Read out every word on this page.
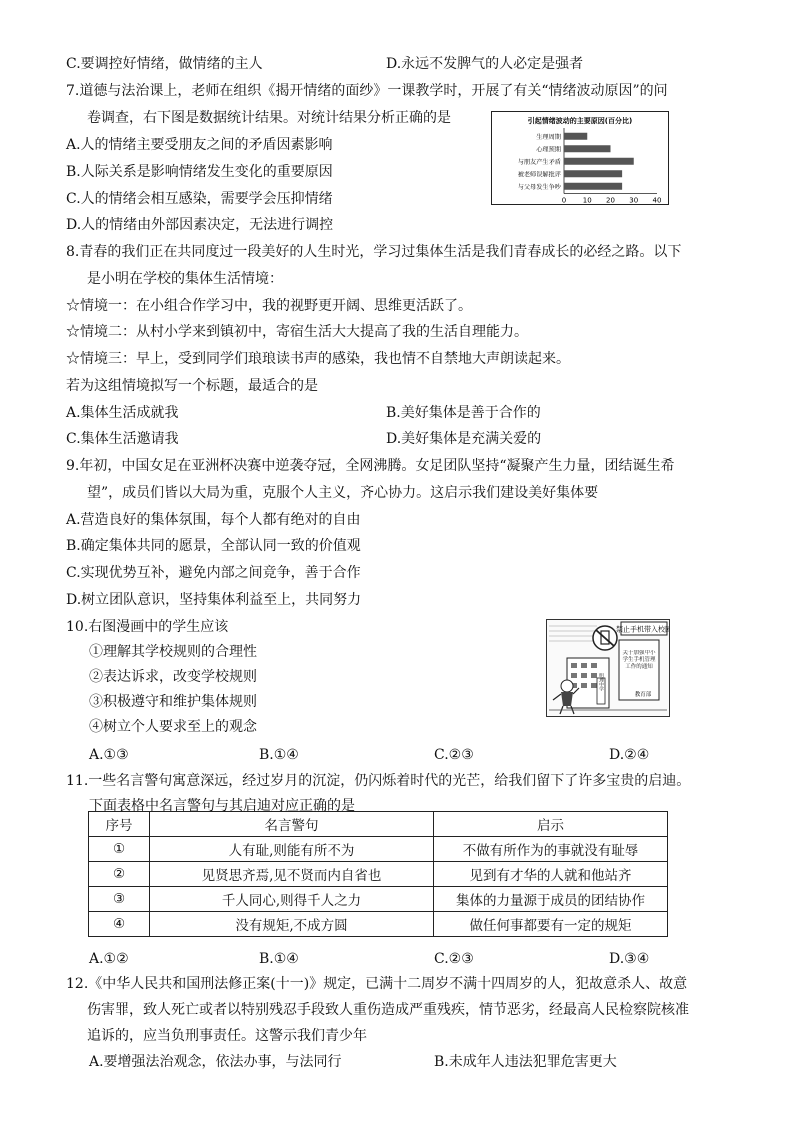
C.要调控好情绪，做情绪的主人	D.永远不发脾气的人必定是强者
7.道德与法治课上，老师在组织《揭开情绪的面纱》一课教学时，开展了有关“情绪波动原因”的问
卷调查，右下图是数据统计结果。对统计结果分析正确的是
A.人的情绪主要受朋友之间的矛盾因素影响
B.人际关系是影响情绪发生变化的重要原因
C.人的情绪会相互感染，需要学会压抑情绪
D.人的情绪由外部因素决定，无法进行调控
8.青春的我们正在共同度过一段美好的人生时光，学习过集体生活是我们青春成长的必经之路。以下
是小明在学校的集体生活情境：
☆情境一：在小组合作学习中，我的视野更开阔、思维更活跃了。
☆情境二：从村小学来到镇初中，寄宿生活大大提高了我的生活自理能力。
☆情境三：早上，受到同学们琅琅读书声的感染，我也情不自禁地大声朗读起来。
若为这组情境拟写一个标题，最适合的是
A.集体生活成就我	B.美好集体是善于合作的
C.集体生活邀请我	D.美好集体是充满关爱的
9.年初，中国女足在亚洲杯决赛中逆袭夺冠，全网沸腾。女足团队坚持“凝聚产生力量，团结诞生希
望”，成员们皆以大局为重，克服个人主义，齐心协力。这启示我们建设美好集体要
A.营造良好的集体氛围，每个人都有绝对的自由
B.确定集体共同的愿景，全部认同一致的价值观
C.实现优势互补，避免内部之间竞争，善于合作
D.树立团队意识，坚持集体利益至上，共同努力
10.右图漫画中的学生应该
①理解其学校规则的合理性
②表达诉求，改变学校规则
③积极遵守和维护集体规则
④树立个人要求至上的观念
A.①③	B.①④	C.②③	D.②④
11.一些名言警句寓意深远，经过岁月的沉淀，仍闪烁着时代的光芒，给我们留下了许多宝贵的启迪。
下面表格中名言警句与其启迪对应正确的是
A.①②	B.①④	C.②③	D.③④
12.《中华人民共和国刑法修正案(十一)》规定，已满十二周岁不满十四周岁的人，犯故意杀人、故意
伤害罪，致人死亡或者以特别残忍手段致人重伤造成严重残疾，情节恶劣，经最高人民检察院核准
追诉的，应当负刑事责任。这警示我们青少年
A.要增强法治观念，依法办事，与法同行	B.未成年人违法犯罪危害更大
引起情绪波动的主要原因(百分比)
生理周期
心理预期
与朋友产生矛盾
被老师误解批评
与父母发生争吵
0 10 20 30 40
禁止手机带入校园
明理中学
关于加强中小学生手机管理工作的通知
教育部
序号	名言警句	启示
①	人有耻,则能有所不为	不做有所作为的事就没有耻辱
②	见贤思齐焉,见不贤而内自省也	见到有才华的人就和他站齐
③	千人同心,则得千人之力	集体的力量源于成员的团结协作
④	没有规矩,不成方圆	做任何事都要有一定的规矩
